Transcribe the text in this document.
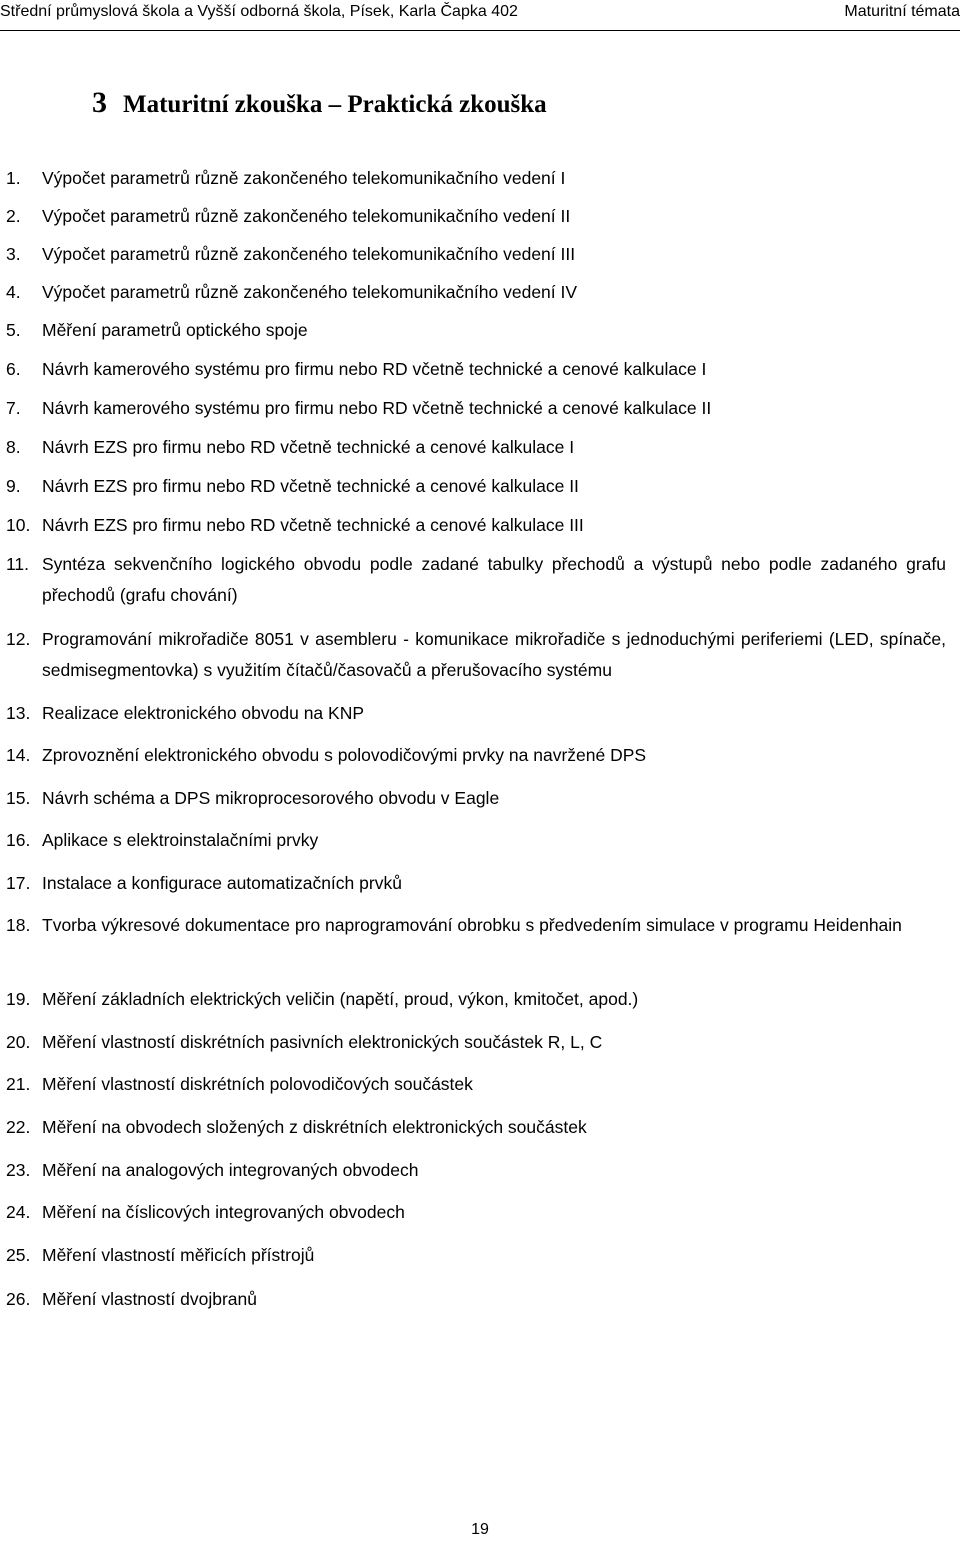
Střední průmyslová škola a Vyšší odborná škola, Písek, Karla Čapka 402	Maturitní témata
3 Maturitní zkouška – Praktická zkouška
1. Výpočet parametrů různě zakončeného telekomunikačního vedení I
2. Výpočet parametrů různě zakončeného telekomunikačního vedení II
3. Výpočet parametrů různě zakončeného telekomunikačního vedení III
4. Výpočet parametrů různě zakončeného telekomunikačního vedení IV
5. Měření parametrů optického spoje
6. Návrh kamerového systému pro firmu nebo RD včetně technické a cenové kalkulace I
7. Návrh kamerového systému pro firmu nebo RD včetně technické a cenové kalkulace II
8. Návrh EZS pro firmu nebo RD včetně technické a cenové kalkulace I
9. Návrh EZS pro firmu nebo RD včetně technické a cenové kalkulace II
10. Návrh EZS pro firmu nebo RD včetně technické a cenové kalkulace III
11. Syntéza sekvenčního logického obvodu podle zadané tabulky přechodů a výstupů nebo podle zadaného grafu přechodů (grafu chování)
12. Programování mikrořadiče 8051 v asembleru - komunikace mikrořadiče s jednoduchými periferiemi (LED, spínače, sedmisegmentovka) s využitím čítačů/časovačů a přerušovacího systému
13. Realizace elektronického obvodu na KNP
14. Zprovoznění elektronického obvodu s polovodičovými prvky na navržené DPS
15. Návrh schéma a DPS mikroprocesorového obvodu v Eagle
16. Aplikace s elektroinstalačními prvky
17. Instalace a konfigurace automatizačních prvků
18. Tvorba výkresové dokumentace pro naprogramování obrobku s předvedením simulace v programu Heidenhain
19. Měření základních elektrických veličin (napětí, proud, výkon, kmitočet, apod.)
20. Měření vlastností diskrétních pasivních elektronických součástek R, L, C
21. Měření vlastností diskrétních polovodičových součástek
22. Měření na obvodech složených z diskrétních elektronických součástek
23. Měření na analogových integrovaných obvodech
24. Měření na číslicových integrovaných obvodech
25. Měření vlastností měřicích přístrojů
26. Měření vlastností dvojbranů
19
